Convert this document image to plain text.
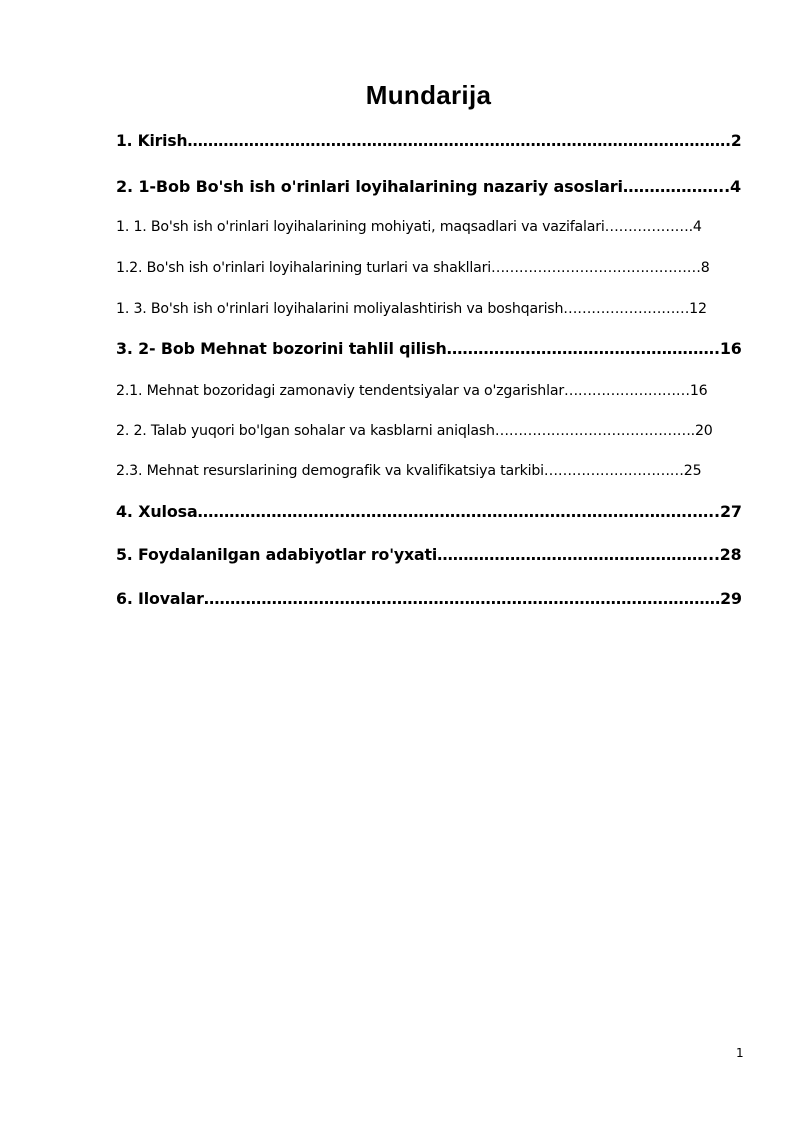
Mundarija
1. Kirish…………………………………………………………………………………………….2
2. 1-Bob Bo'sh ish o'rinlari loyihalarining nazariy asoslari………………..4
1. 1. Bo'sh ish o'rinlari loyihalarining mohiyati, maqsadlari va vazifalari……………….4
1.2. Bo'sh ish o'rinlari loyihalarining turlari va shakllari………………………………………8
1. 3. Bo'sh ish o'rinlari loyihalarini moliyalashtirish va boshqarish………………………12
3. 2- Bob Mehnat bozorini tahlil qilish…………………………………………….16
2.1. Mehnat bozoridagi zamonaviy tendentsiyalar va o'zgarishlar………………………16
2. 2. Talab yuqori bo'lgan sohalar va kasblarni aniqlash…………………………………….20
2.3. Mehnat resurslarining demografik va kvalifikatsiya tarkibi…………………………25
4. Xulosa………………………………………………………………………………….…..27
5. Foydalanilgan adabiyotlar ro'yxati……………………………………………...28
6. Ilovalar………………………………………………………………………………………29
1
